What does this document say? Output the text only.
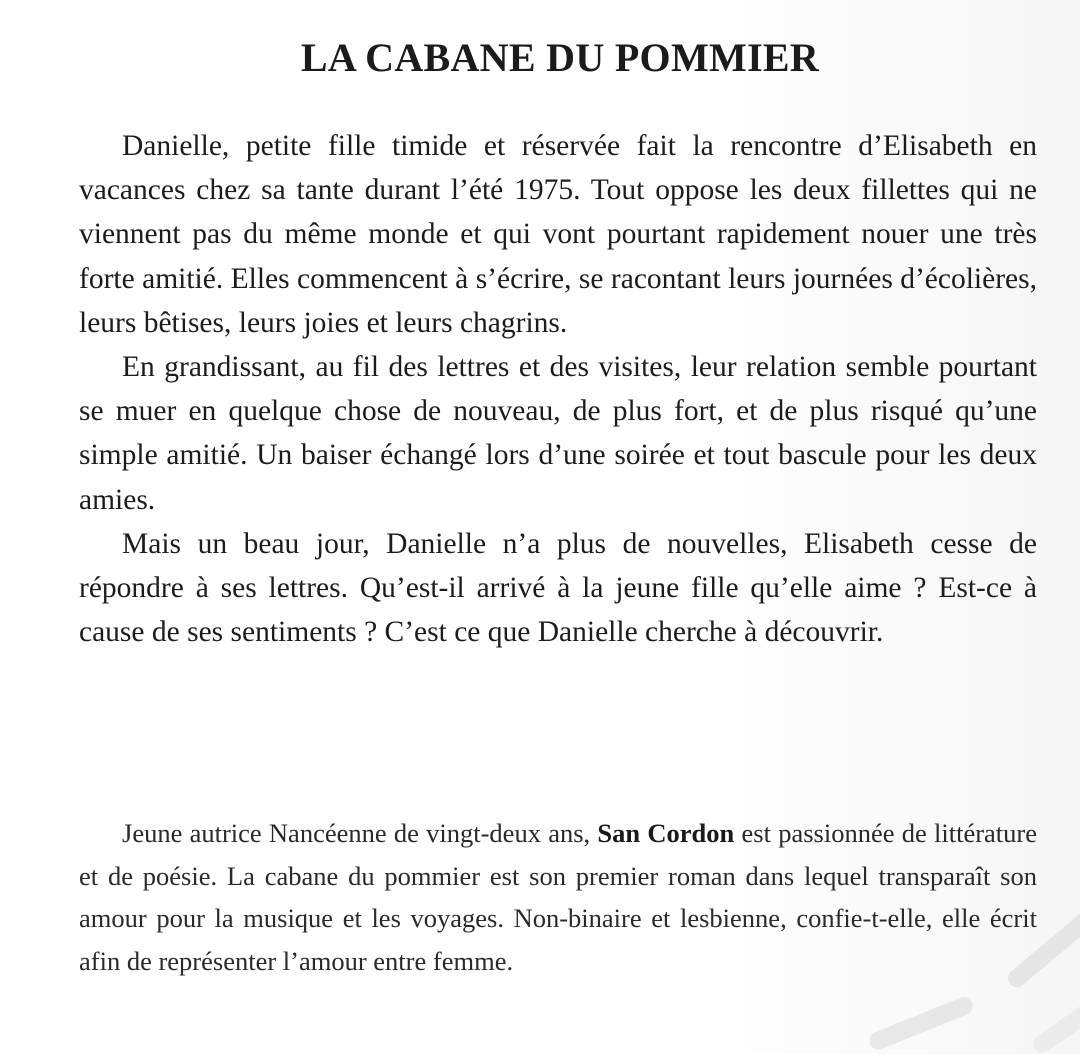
LA CABANE DU POMMIER

Danielle, petite fille timide et réservée fait la rencontre d’Elisabeth en vacances chez sa tante durant l’été 1975. Tout oppose les deux fillettes qui ne viennent pas du même monde et qui vont pourtant rapidement nouer une très forte amitié. Elles commencent à s’écrire, se racontant leurs journées d’écolières, leurs bêtises, leurs joies et leurs chagrins.

En grandissant, au fil des lettres et des visites, leur relation semble pourtant se muer en quelque chose de nouveau, de plus fort, et de plus risqué qu’une simple amitié. Un baiser échangé lors d’une soirée et tout bascule pour les deux amies.

Mais un beau jour, Danielle n’a plus de nouvelles, Elisabeth cesse de répondre à ses lettres. Qu’est-il arrivé à la jeune fille qu’elle aime ? Est-ce à cause de ses sentiments ? C’est ce que Danielle cherche à découvrir.

Jeune autrice Nancéenne de vingt-deux ans, San Cordon est passionnée de littérature et de poésie. La cabane du pommier est son premier roman dans lequel transparaît son amour pour la musique et les voyages. Non-binaire et lesbienne, confie-t-elle, elle écrit afin de représenter l’amour entre femme.
